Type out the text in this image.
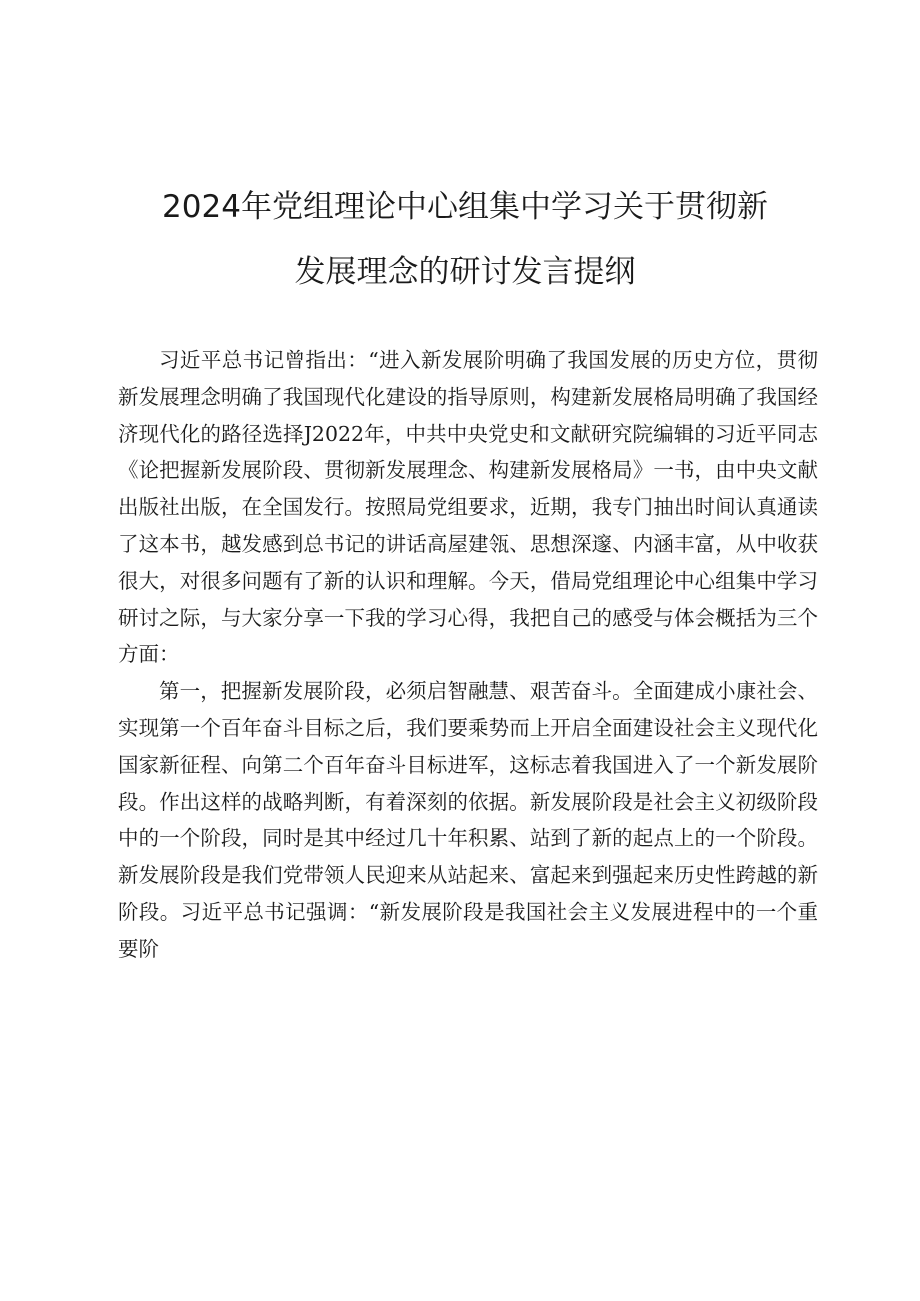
2024年党组理论中心组集中学习关于贯彻新
发展理念的研讨发言提纲

习近平总书记曾指出：“进入新发展阶明确了我国发展的历史方位，贯彻新发展理念明确了我国现代化建设的指导原则，构建新发展格局明确了我国经济现代化的路径选择J2022年，中共中央党史和文献研究院编辑的习近平同志《论把握新发展阶段、贯彻新发展理念、构建新发展格局》一书，由中央文献出版社出版，在全国发行。按照局党组要求，近期，我专门抽出时间认真通读了这本书，越发感到总书记的讲话高屋建瓴、思想深邃、内涵丰富，从中收获很大，对很多问题有了新的认识和理解。今天，借局党组理论中心组集中学习研讨之际，与大家分享一下我的学习心得，我把自己的感受与体会概括为三个方面：

第一，把握新发展阶段，必须启智融慧、艰苦奋斗。全面建成小康社会、实现第一个百年奋斗目标之后，我们要乘势而上开启全面建设社会主义现代化国家新征程、向第二个百年奋斗目标进军，这标志着我国进入了一个新发展阶段。作出这样的战略判断，有着深刻的依据。新发展阶段是社会主义初级阶段中的一个阶段，同时是其中经过几十年积累、站到了新的起点上的一个阶段。新发展阶段是我们党带领人民迎来从站起来、富起来到强起来历史性跨越的新阶段。习近平总书记强调：“新发展阶段是我国社会主义发展进程中的一个重要阶
